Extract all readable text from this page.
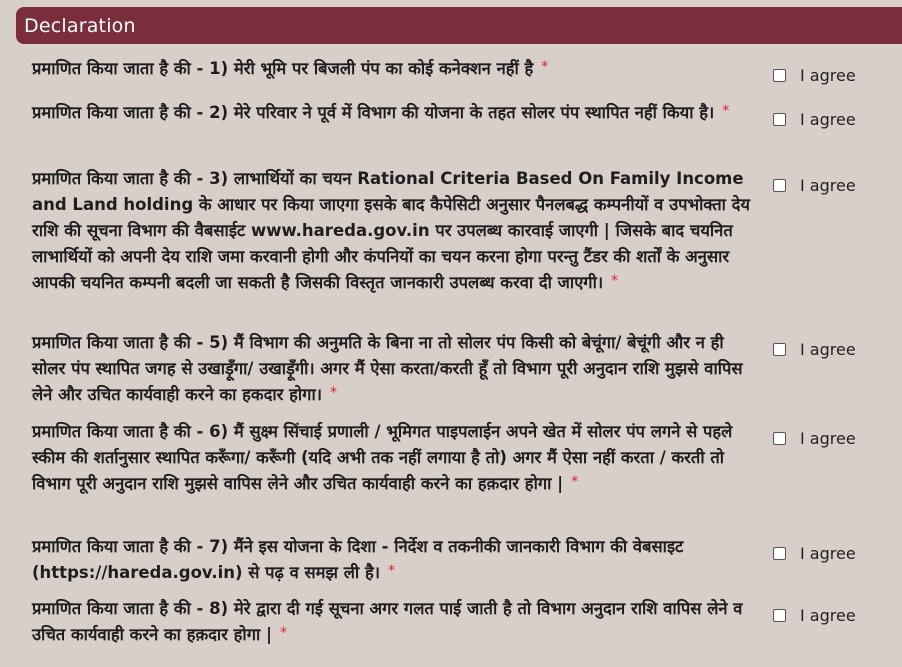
Declaration
प्रमाणित किया जाता है की - 1) मेरी भूमि पर बिजली पंप का कोई कनेक्शन नहीं है *	I agree
प्रमाणित किया जाता है की - 2) मेरे परिवार ने पूर्व में विभाग की योजना के तहत सोलर पंप स्थापित नहीं किया है। *	I agree
प्रमाणित किया जाता है की - 3) लाभार्थियों का चयन Rational Criteria Based On Family Income and Land holding के आधार पर किया जाएगा इसके बाद कैपेसिटी अनुसार पैनलबद्ध कम्पनीयों व उपभोक्ता देय राशि की सूचना विभाग की वैबसाईट www.hareda.gov.in पर उपलब्ध कारवाई जाएगी | जिसके बाद चयनित लाभार्थियों को अपनी देय राशि जमा करवानी होगी और कंपनियों का चयन करना होगा परन्तु टैंडर की शर्तों के अनुसार आपकी चयनित कम्पनी बदली जा सकती है जिसकी विस्तृत जानकारी उपलब्ध करवा दी जाएगी। *
I agree
प्रमाणित किया जाता है की - 5) मैं विभाग की अनुमति के बिना ना तो सोलर पंप किसी को बेचूंगा/ बेचूंगी और न ही सोलर पंप स्थापित जगह से उखाड़ूँगा/ उखाड़ूँगी। अगर मैं ऐसा करता/करती हूँ तो विभाग पूरी अनुदान राशि मुझसे वापिस लेने और उचित कार्यवाही करने का हकदार होगा। *
I agree
प्रमाणित किया जाता है की - 6) मैं सुक्ष्म सिंचाई प्रणाली / भूमिगत पाइपलाईन अपने खेत में सोलर पंप लगने से पहले स्कीम की शर्तानुसार स्थापित करूँगा/ करूँगी (यदि अभी तक नहीं लगाया है तो) अगर मैं ऐसा नहीं करता / करती तो विभाग पूरी अनुदान राशि मुझसे वापिस लेने और उचित कार्यवाही करने का हक़दार होगा | *
I agree
प्रमाणित किया जाता है की - 7) मैंने इस योजना के दिशा - निर्देश व तकनीकी जानकारी विभाग की वेबसाइट (https://hareda.gov.in) से पढ़ व समझ ली है। *
I agree
प्रमाणित किया जाता है की - 8) मेरे द्वारा दी गई सूचना अगर गलत पाई जाती है तो विभाग अनुदान राशि वापिस लेने व उचित कार्यवाही करने का हक़दार होगा | *
I agree
